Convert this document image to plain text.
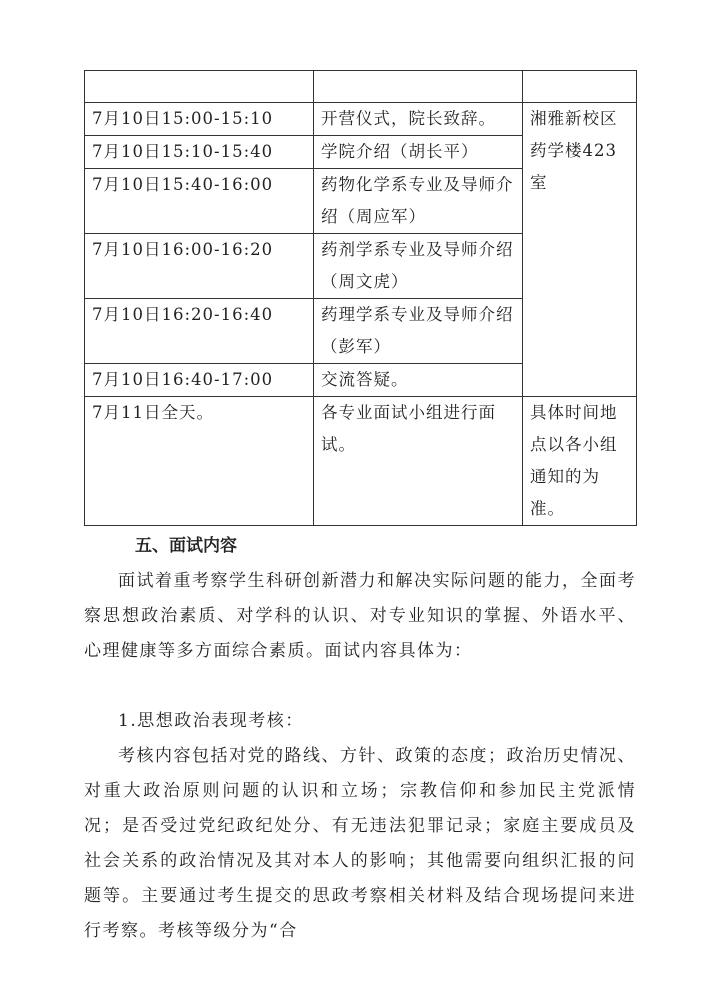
7月10日15:00-15:10	开营仪式，院长致辞。	湘雅新校区药学楼423室
7月10日15:10-15:40	学院介绍（胡长平）	
7月10日15:40-16:00	药物化学系专业及导师介绍（周应军）	
7月10日16:00-16:20	药剂学系专业及导师介绍（周文虎）	
7月10日16:20-16:40	药理学系专业及导师介绍（彭军）	
7月10日16:40-17:00	交流答疑。	
7月11日全天。	各专业面试小组进行面试。	具体时间地点以各小组通知的为准。
五、面试内容

面试着重考察学生科研创新潜力和解决实际问题的能力，全面考察思想政治素质、对学科的认识、对专业知识的掌握、外语水平、心理健康等多方面综合素质。面试内容具体为：

1.思想政治表现考核：

考核内容包括对党的路线、方针、政策的态度；政治历史情况、对重大政治原则问题的认识和立场；宗教信仰和参加民主党派情况；是否受过党纪政纪处分、有无违法犯罪记录；家庭主要成员及社会关系的政治情况及其对本人的影响；其他需要向组织汇报的问题等。主要通过考生提交的思政考察相关材料及结合现场提问来进行考察。考核等级分为“合
